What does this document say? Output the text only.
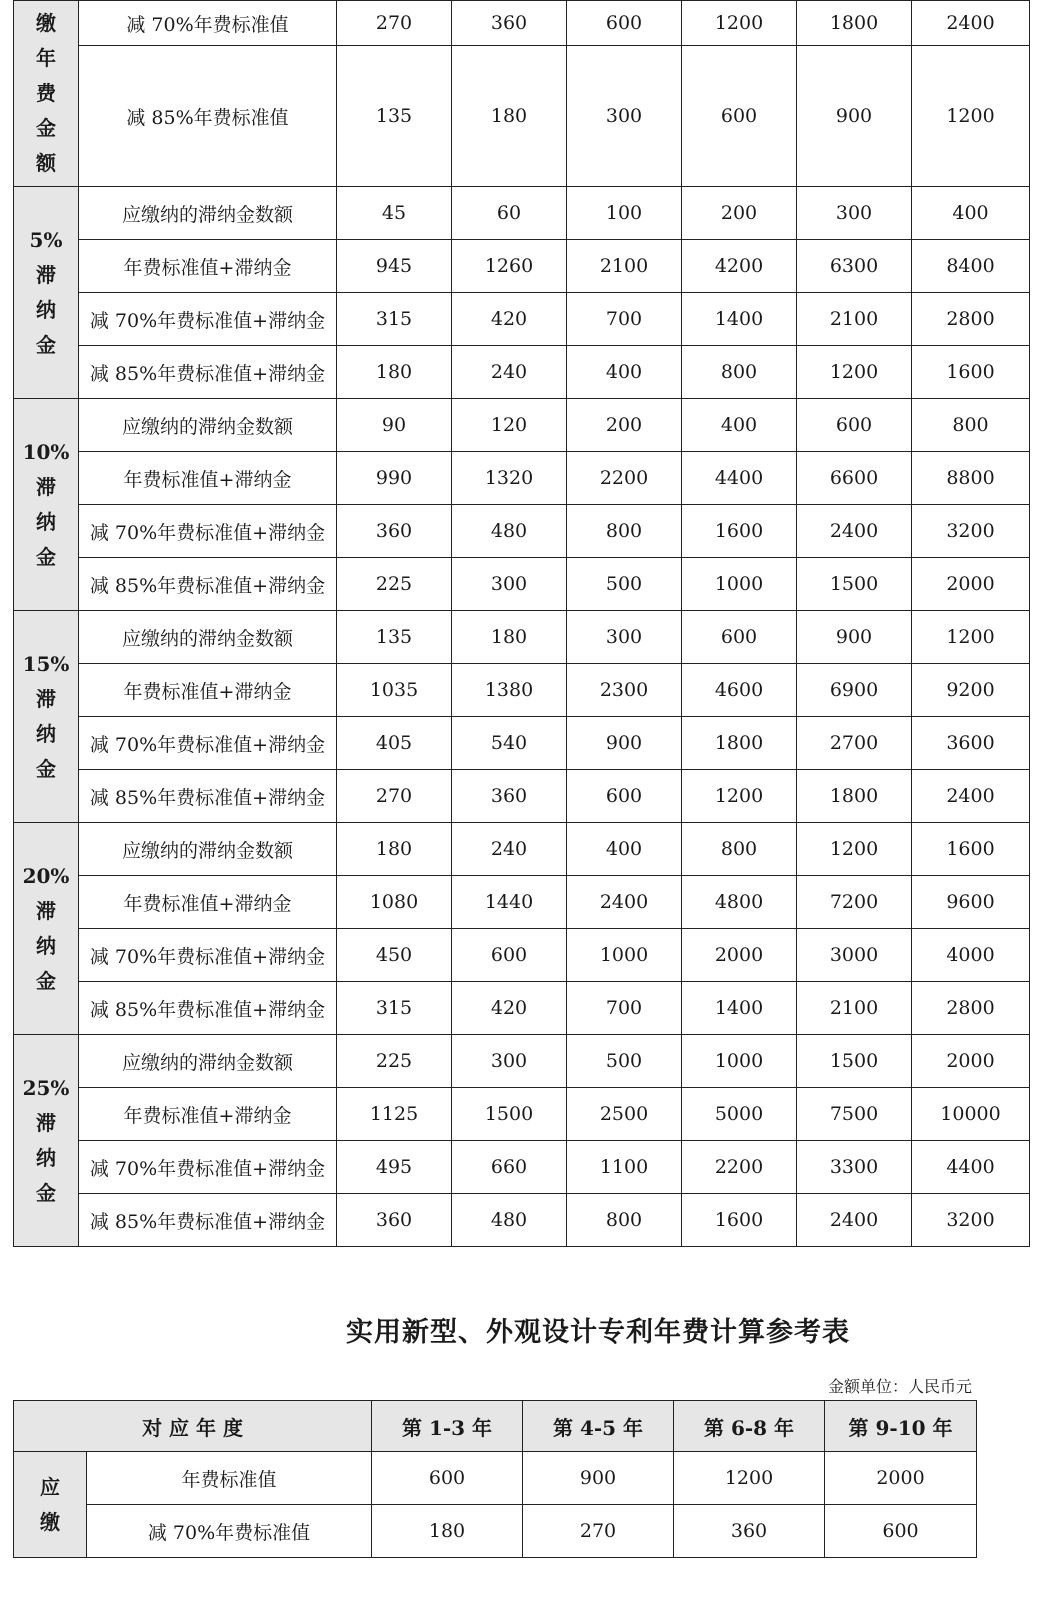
缴
年
费
金
额	减 70%年费标准值	270	360	600	1200	1800	2400
	减 85%年费标准值	135	180	300	600	900	1200
5%
滞
纳
金	应缴纳的滞纳金数额	45	60	100	200	300	400
	年费标准值+滞纳金	945	1260	2100	4200	6300	8400
	减 70%年费标准值+滞纳金	315	420	700	1400	2100	2800
	减 85%年费标准值+滞纳金	180	240	400	800	1200	1600
10%
滞
纳
金	应缴纳的滞纳金数额	90	120	200	400	600	800
	年费标准值+滞纳金	990	1320	2200	4400	6600	8800
	减 70%年费标准值+滞纳金	360	480	800	1600	2400	3200
	减 85%年费标准值+滞纳金	225	300	500	1000	1500	2000
15%
滞
纳
金	应缴纳的滞纳金数额	135	180	300	600	900	1200
	年费标准值+滞纳金	1035	1380	2300	4600	6900	9200
	减 70%年费标准值+滞纳金	405	540	900	1800	2700	3600
	减 85%年费标准值+滞纳金	270	360	600	1200	1800	2400
20%
滞
纳
金	应缴纳的滞纳金数额	180	240	400	800	1200	1600
	年费标准值+滞纳金	1080	1440	2400	4800	7200	9600
	减 70%年费标准值+滞纳金	450	600	1000	2000	3000	4000
	减 85%年费标准值+滞纳金	315	420	700	1400	2100	2800
25%
滞
纳
金	应缴纳的滞纳金数额	225	300	500	1000	1500	2000
	年费标准值+滞纳金	1125	1500	2500	5000	7500	10000
	减 70%年费标准值+滞纳金	495	660	1100	2200	3300	4400
	减 85%年费标准值+滞纳金	360	480	800	1600	2400	3200
实用新型、外观设计专利年费计算参考表
金额单位：人民币元
对 应 年 度		第 1-3 年	第 4-5 年	第 6-8 年	第 9-10 年
应
缴	年费标准值	600	900	1200	2000
	减 70%年费标准值	180	270	360	600
